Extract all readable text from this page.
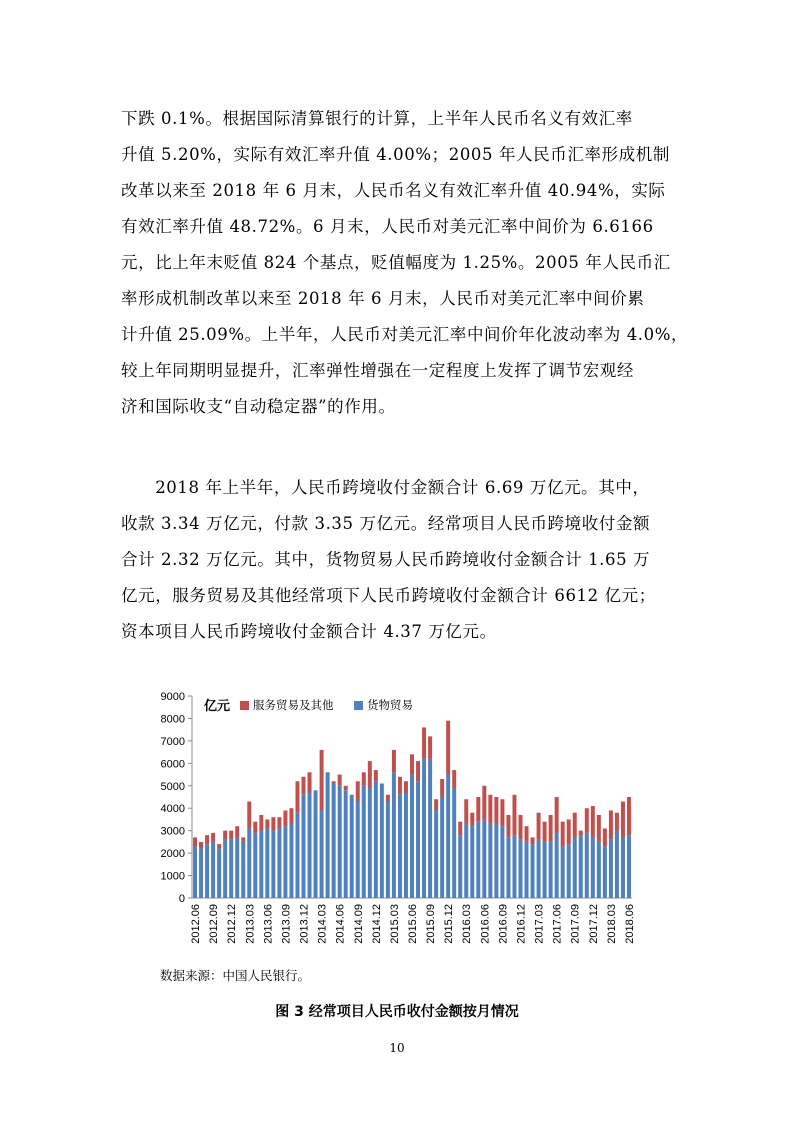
下跌 0.1%。根据国际清算银行的计算，上半年人民币名义有效汇率
升值 5.20%，实际有效汇率升值 4.00%；2005 年人民币汇率形成机制
改革以来至 2018 年 6 月末，人民币名义有效汇率升值 40.94%，实际
有效汇率升值 48.72%。6 月末，人民币对美元汇率中间价为 6.6166
元，比上年末贬值 824 个基点，贬值幅度为 1.25%。2005 年人民币汇
率形成机制改革以来至 2018 年 6 月末，人民币对美元汇率中间价累
计升值 25.09%。上半年，人民币对美元汇率中间价年化波动率为 4.0%，
较上年同期明显提升，汇率弹性增强在一定程度上发挥了调节宏观经
济和国际收支“自动稳定器”的作用。
　　2018 年上半年，人民币跨境收付金额合计 6.69 万亿元。其中，
收款 3.34 万亿元，付款 3.35 万亿元。经常项目人民币跨境收付金额
合计 2.32 万亿元。其中，货物贸易人民币跨境收付金额合计 1.65 万
亿元，服务贸易及其他经常项下人民币跨境收付金额合计 6612 亿元；
资本项目人民币跨境收付金额合计 4.37 万亿元。
0
1000
2000
3000
4000
5000
6000
7000
8000
9000
2012.06 2012.09 2012.12 2013.03 2013.06 2013.09 2013.12 2014.03 2014.06 2014.09 2014.12 2015.03 2015.06 2015.09 2015.12 2016.03 2016.06 2016.09 2016.12 2017.03 2017.06 2017.09 2017.12 2018.03 2018.06
亿元 服务贸易及其他	货物贸易
数据来源：中国人民银行。
图 3 经常项目人民币收付金额按月情况
10
